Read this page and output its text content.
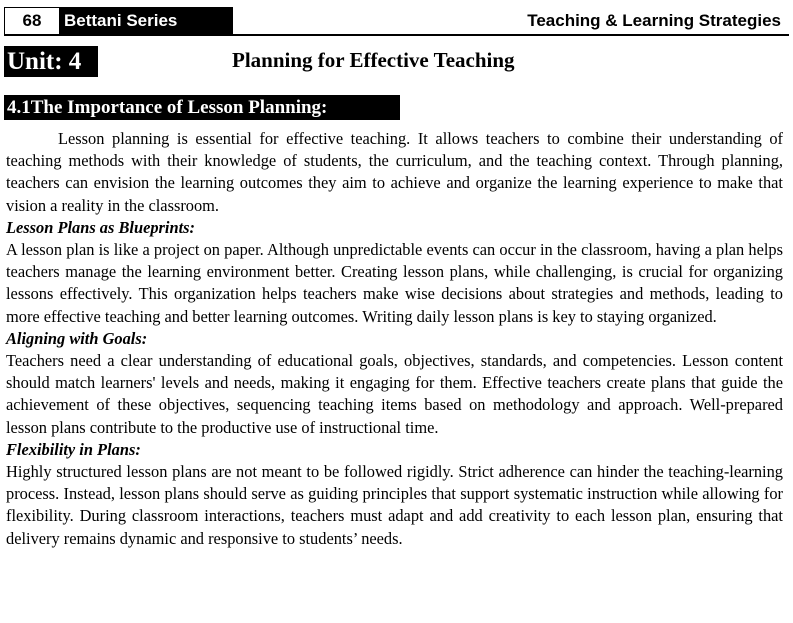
68	Bettani Series	Teaching & Learning Strategies
Unit: 4	Planning for Effective Teaching
4.1 The Importance of Lesson Planning:

Lesson planning is essential for effective teaching. It allows teachers to combine their understanding of teaching methods with their knowledge of students, the curriculum, and the teaching context. Through planning, teachers can envision the learning outcomes they aim to achieve and organize the learning experience to make that vision a reality in the classroom.

Lesson Plans as Blueprints:

A lesson plan is like a project on paper. Although unpredictable events can occur in the classroom, having a plan helps teachers manage the learning environment better. Creating lesson plans, while challenging, is crucial for organizing lessons effectively. This organization helps teachers make wise decisions about strategies and methods, leading to more effective teaching and better learning outcomes. Writing daily lesson plans is key to staying organized.

Aligning with Goals:

Teachers need a clear understanding of educational goals, objectives, standards, and competencies. Lesson content should match learners' levels and needs, making it engaging for them. Effective teachers create plans that guide the achievement of these objectives, sequencing teaching items based on methodology and approach. Well-prepared lesson plans contribute to the productive use of instructional time.

Flexibility in Plans:

Highly structured lesson plans are not meant to be followed rigidly. Strict adherence can hinder the teaching-learning process. Instead, lesson plans should serve as guiding principles that support systematic instruction while allowing for flexibility. During classroom interactions, teachers must adapt and add creativity to each lesson plan, ensuring that delivery remains dynamic and responsive to students’ needs.
